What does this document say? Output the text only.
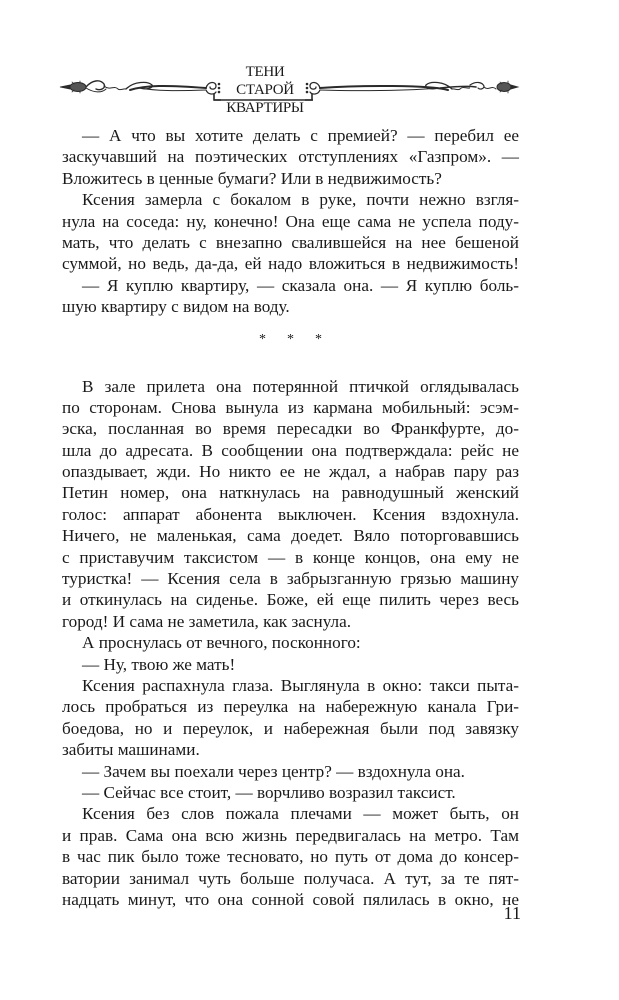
ТЕНИ СТАРОЙ
КВАРТИРЫ
— А что вы хотите делать с премией? — перебил ее
заскучавший на поэтических отступлениях «Газпром». —
Вложитесь в ценные бумаги? Или в недвижимость?
Ксения замерла с бокалом в руке, почти нежно взгля-
нула на соседа: ну, конечно! Она еще сама не успела поду-
мать, что делать с внезапно свалившейся на нее бешеной
суммой, но ведь, да-да, ей надо вложиться в недвижимость!
— Я куплю квартиру, — сказала она. — Я куплю боль-
шую квартиру с видом на воду.
* * *
В зале прилета она потерянной птичкой оглядывалась
по сторонам. Снова вынула из кармана мобильный: эсэм-
эска, посланная во время пересадки во Франкфурте, до-
шла до адресата. В сообщении она подтверждала: рейс не
опаздывает, жди. Но никто ее не ждал, а набрав пару раз
Петин номер, она наткнулась на равнодушный женский
голос: аппарат абонента выключен. Ксения вздохнула.
Ничего, не маленькая, сама доедет. Вяло поторговавшись
с приставучим таксистом — в конце концов, она ему не
туристка! — Ксения села в забрызганную грязью машину
и откинулась на сиденье. Боже, ей еще пилить через весь
город! И сама не заметила, как заснула.
А проснулась от вечного, посконного:
— Ну, твою же мать!
Ксения распахнула глаза. Выглянула в окно: такси пыта-
лось пробраться из переулка на набережную канала Гри-
боедова, но и переулок, и набережная были под завязку
забиты машинами.
— Зачем вы поехали через центр? — вздохнула она.
— Сейчас все стоит, — ворчливо возразил таксист.
Ксения без слов пожала плечами — может быть, он
и прав. Сама она всю жизнь передвигалась на метро. Там
в час пик было тоже тесновато, но путь от дома до консер-
ватории занимал чуть больше получаса. А тут, за те пят-
надцать минут, что она сонной совой пялилась в окно, не
11
